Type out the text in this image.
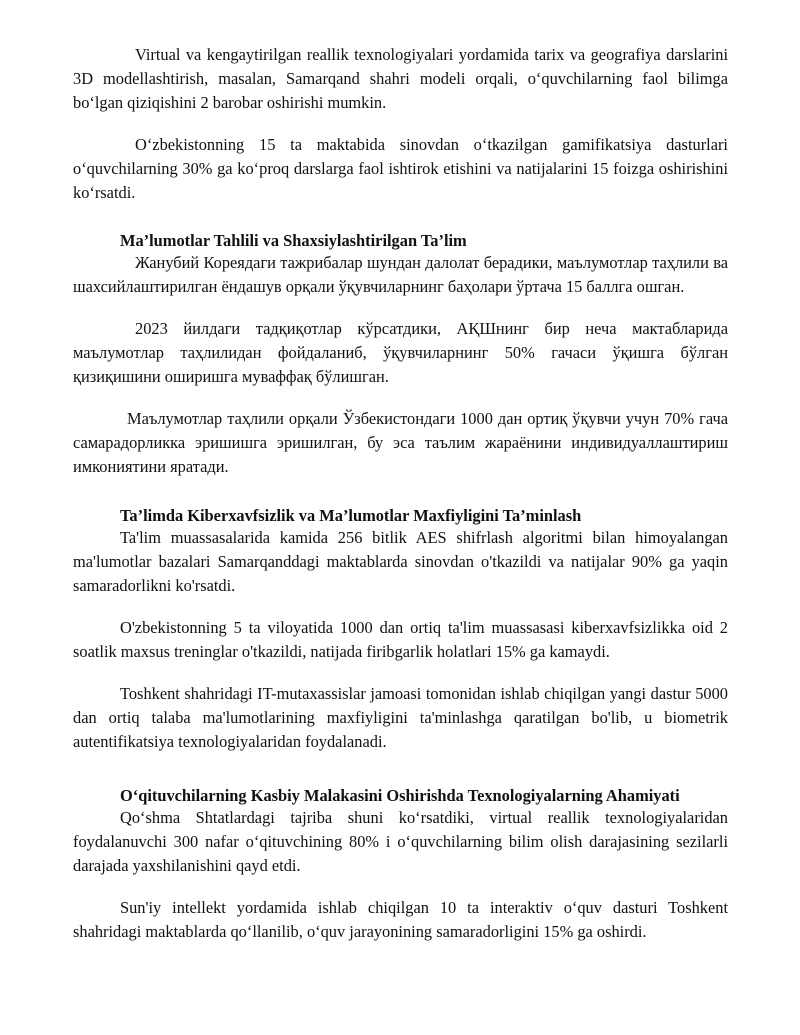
Virtual va kengaytirilgan reallik texnologiyalari yordamida tarix va geografiya darslarini 3D modellashtirish, masalan, Samarqand shahri modeli orqali, oʻquvchilarning faol bilimga boʻlgan qiziqishini 2 barobar oshirishi mumkin.

Oʻzbekistonning 15 ta maktabida sinovdan oʻtkazilgan gamifikatsiya dasturlari oʻquvchilarning 30% ga koʻproq darslarga faol ishtirok etishini va natijalarini 15 foizga oshirishini koʻrsatdi.

Ma’lumotlar Tahlili va Shaxsiylashtirilgan Ta’lim

Жанубий Кореядаги тажрибалар шундан далолат берадики, маълумотлар таҳлили ва шахсийлаштирилган ёндашув орқали ўқувчиларнинг баҳолари ўртача 15 баллга ошган.

2023 йилдаги тадқиқотлар кўрсатдики, АҚШнинг бир неча мактабларида маълумотлар таҳлилидан фойдаланиб, ўқувчиларнинг 50% гачаси ўқишга бўлган қизиқишини оширишга муваффақ бўлишган.

Маълумотлар таҳлили орқали Ўзбекистондаги 1000 дан ортиқ ўқувчи учун 70% гача самарадорликка эришишга эришилган, бу эса таълим жараёнини индивидуаллаштириш имкониятини яратади.

Ta’limda Kiberxavfsizlik va Ma’lumotlar Maxfiyligini Ta’minlash

Ta'lim muassasalarida kamida 256 bitlik AES shifrlash algoritmi bilan himoyalangan ma'lumotlar bazalari Samarqanddagi maktablarda sinovdan o'tkazildi va natijalar 90% ga yaqin samaradorlikni ko'rsatdi.

O'zbekistonning 5 ta viloyatida 1000 dan ortiq ta'lim muassasasi kiberxavfsizlikka oid 2 soatlik maxsus treninglar o'tkazildi, natijada firibgarlik holatlari 15% ga kamaydi.

Toshkent shahridagi IT-mutaxassislar jamoasi tomonidan ishlab chiqilgan yangi dastur 5000 dan ortiq talaba ma'lumotlarining maxfiyligini ta'minlashga qaratilgan bo'lib, u biometrik autentifikatsiya texnologiyalaridan foydalanadi.

Oʻqituvchilarning Kasbiy Malakasini Oshirishda Texnologiyalarning Ahamiyati

Qoʻshma Shtatlardagi tajriba shuni koʻrsatdiki, virtual reallik texnologiyalaridan foydalanuvchi 300 nafar oʻqituvchining 80% i oʻquvchilarning bilim olish darajasining sezilarli darajada yaxshilanishini qayd etdi.

Sun'iy intellekt yordamida ishlab chiqilgan 10 ta interaktiv oʻquv dasturi Toshkent shahridagi maktablarda qoʻllanilib, oʻquv jarayonining samaradorligini 15% ga oshirdi.
